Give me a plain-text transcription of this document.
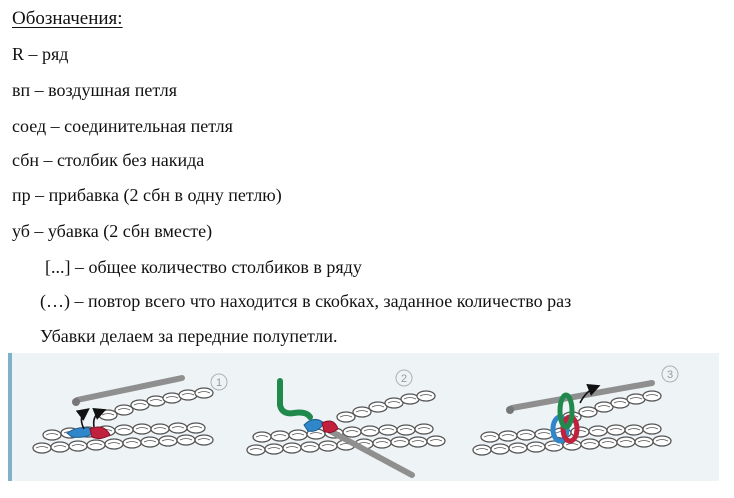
Обозначения:
R – ряд
вп – воздушная петля
соед – соединительная петля
сбн – столбик без накида
пр – прибавка (2 сбн в одну петлю)
уб – убавка (2 сбн вместе)
[...] – общее количество столбиков в ряду
(…) – повтор всего что находится в скобках, заданное количество раз
Убавки делаем за передние полупетли.
1	2	3
